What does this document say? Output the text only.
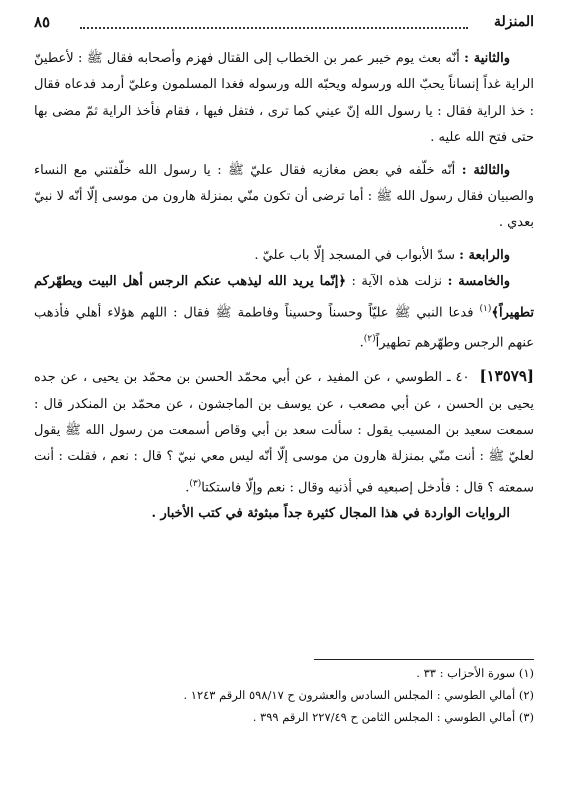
المنزلة
٨٥

والثانية : أنّه بعث يوم خيبر عمر بن الخطاب إلى القتال فهزم وأصحابه فقال ﷺ : لأعطينّ الراية غداً إنساناً يحبّ الله ورسوله ويحبّه الله ورسوله فغدا المسلمون وعليّ أرمد فدعاه فقال : خذ الراية فقال : يا رسول الله إنّ عيني كما ترى ، فتفل فيها ، فقام فأخذ الراية ثمّ مضى بها حتى فتح الله عليه .

والثالثة : أنّه خلّفه في بعض مغازيه فقال عليّ ﷺ : يا رسول الله خلّفتني مع النساء والصبيان فقال رسول الله ﷺ : أما ترضى أن تكون منّي بمنزلة هارون من موسى إلّا أنّه لا نبيّ بعدي .

والرابعة : سدّ الأبواب في المسجد إلّا باب عليّ .

والخامسة : نزلت هذه الآية : ﴿إنّما يريد الله ليذهب عنكم الرجس أهل البيت ويطهّركم تطهيراً﴾$^{(١)}$ فدعا النبي ﷺ عليّاً وحسناً وحسيناً وفاطمة ﷺ فقال : اللهم هؤلاء أهلي فأذهب عنهم الرجس وطهّرهم تطهيراً$^{(٢)}$.

[١٣٥٧٩]٤٠ ـ الطوسي ، عن المفيد ، عن أبي محمّد الحسن بن محمّد بن يحيى ، عن جده يحيى بن الحسن ، عن أبي مصعب ، عن يوسف بن الماجشون ، عن محمّد بن المنكدر قال : سمعت سعيد بن المسيب يقول : سألت سعد بن أبي وقاص أسمعت من رسول الله ﷺ يقول لعليّ ﷺ : أنت منّي بمنزلة هارون من موسى إلّا أنّه ليس معي نبيّ ؟ قال : نعم ، فقلت : أنت سمعته ؟ قال : فأدخل إصبعيه في أذنيه وقال : نعم وإلّا فاستكتا$^{(٣)}$.

الروايات الواردة في هذا المجال كثيرة جداً مبثوثة في كتب الأخبار .

(١) سورة الأحزاب : ٣٣ .
(٢) أمالي الطوسي : المجلس السادس والعشرون ح ٥٩٨/١٧ الرقم ١٢٤٣ .
(٣) أمالي الطوسي : المجلس الثامن ح ٢٢٧/٤٩ الرقم ٣٩٩ .
